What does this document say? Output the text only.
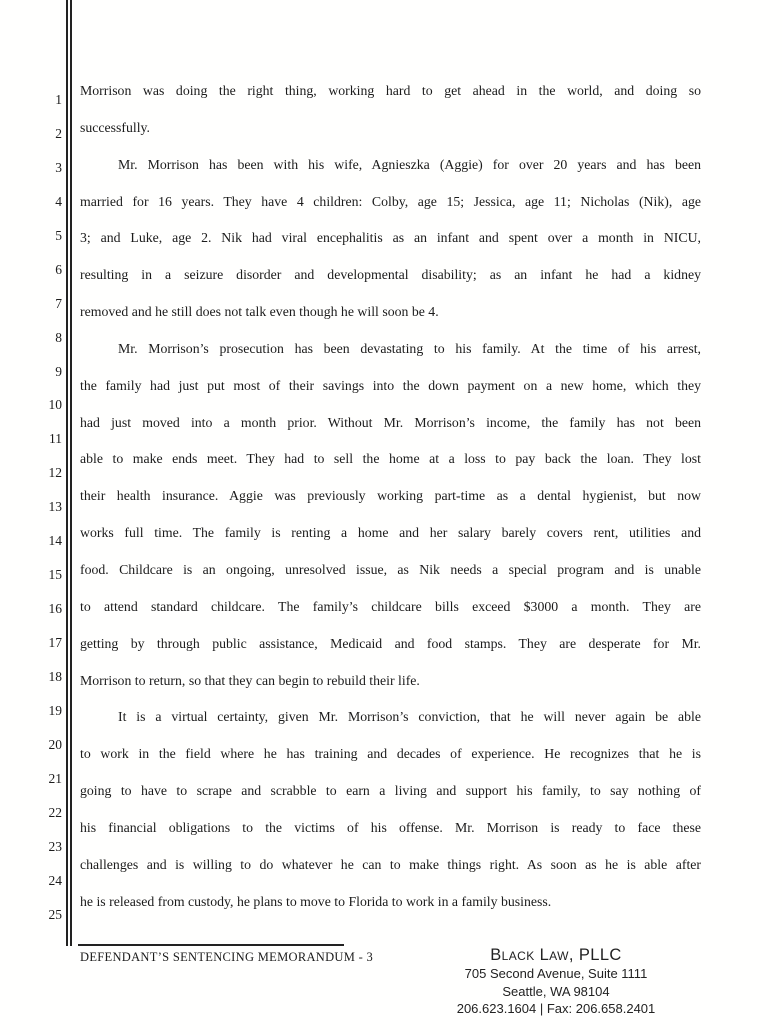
1
2
3
4
5
6
7
8
9
10
11
12
13
14
15
16
17
18
19
20
21
22
23
24
25
Morrison was doing the right thing, working hard to get ahead in the world, and doing so
successfully.
Mr. Morrison has been with his wife, Agnieszka (Aggie) for over 20 years and has been
married for 16 years. They have 4 children: Colby, age 15; Jessica, age 11; Nicholas (Nik), age
3; and Luke, age 2. Nik had viral encephalitis as an infant and spent over a month in NICU,
resulting in a seizure disorder and developmental disability; as an infant he had a kidney
removed and he still does not talk even though he will soon be 4.
Mr. Morrison’s prosecution has been devastating to his family. At the time of his arrest,
the family had just put most of their savings into the down payment on a new home, which they
had just moved into a month prior. Without Mr. Morrison’s income, the family has not been
able to make ends meet. They had to sell the home at a loss to pay back the loan. They lost
their health insurance. Aggie was previously working part-time as a dental hygienist, but now
works full time. The family is renting a home and her salary barely covers rent, utilities and
food. Childcare is an ongoing, unresolved issue, as Nik needs a special program and is unable
to attend standard childcare. The family’s childcare bills exceed $3000 a month. They are
getting by through public assistance, Medicaid and food stamps. They are desperate for Mr.
Morrison to return, so that they can begin to rebuild their life.
It is a virtual certainty, given Mr. Morrison’s conviction, that he will never again be able
to work in the field where he has training and decades of experience. He recognizes that he is
going to have to scrape and scrabble to earn a living and support his family, to say nothing of
his financial obligations to the victims of his offense. Mr. Morrison is ready to face these
challenges and is willing to do whatever he can to make things right. As soon as he is able after
he is released from custody, he plans to move to Florida to work in a family business.
DEFENDANT’S SENTENCING MEMORANDUM - 3	Black Law, PLLC
705 Second Avenue, Suite 1111
Seattle, WA 98104
206.623.1604 | Fax: 206.658.2401
